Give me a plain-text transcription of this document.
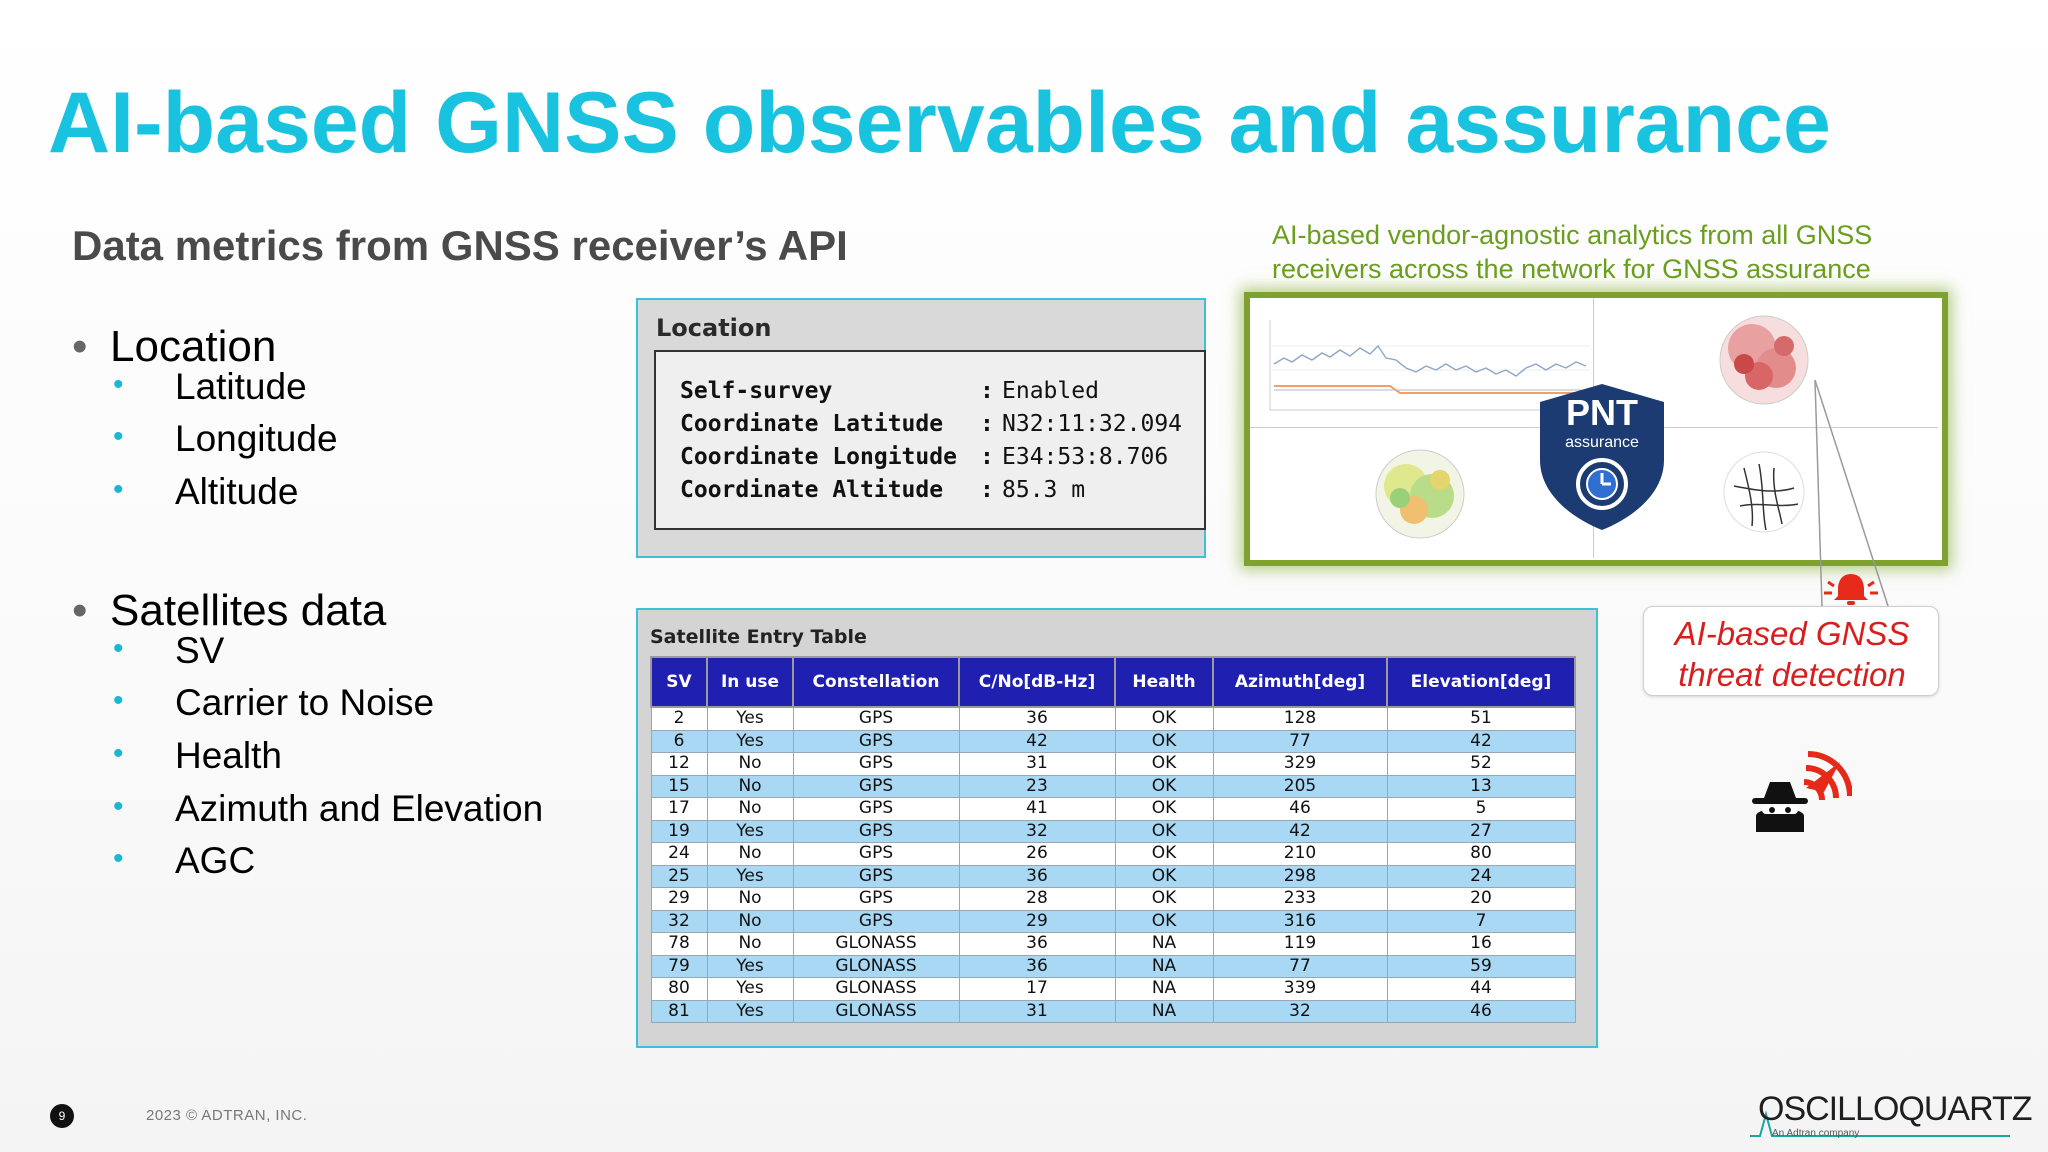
AI-based GNSS observables and assurance
Data metrics from GNSS receiver’s API
• Location
• Latitude
• Longitude
• Altitude
• Satellites data
• SV
• Carrier to Noise
• Health
• Azimuth and Elevation
• AGC
Location
Self-survey	: Enabled
Coordinate Latitude : N32:11:32.094
Coordinate Longitude : E34:53:8.706
Coordinate Altitude : 85.3 m
Satellite Entry Table
SV	In use	Constellation	C/No[dB-Hz]	Health	Azimuth[deg]	Elevation[deg]
2	Yes	GPS	36	OK	128	51
6	Yes	GPS	42	OK	77	42
12	No	GPS	31	OK	329	52
15	No	GPS	23	OK	205	13
17	No	GPS	41	OK	46	5
19	Yes	GPS	32	OK	42	27
24	No	GPS	26	OK	210	80
25	Yes	GPS	36	OK	298	24
29	No	GPS	28	OK	233	20
32	No	GPS	29	OK	316	7
78	No	GLONASS	36	NA	119	16
79	Yes	GLONASS	36	NA	77	59
80	Yes	GLONASS	17	NA	339	44
81	Yes	GLONASS	31	NA	32	46
AI-based vendor-agnostic analytics from all GNSS
receivers across the network for GNSS assurance
PNT
assurance
AI-based GNSS
threat detection
9	2023 © ADTRAN, INC.	OSCILLOQUARTZ
An Adtran company
